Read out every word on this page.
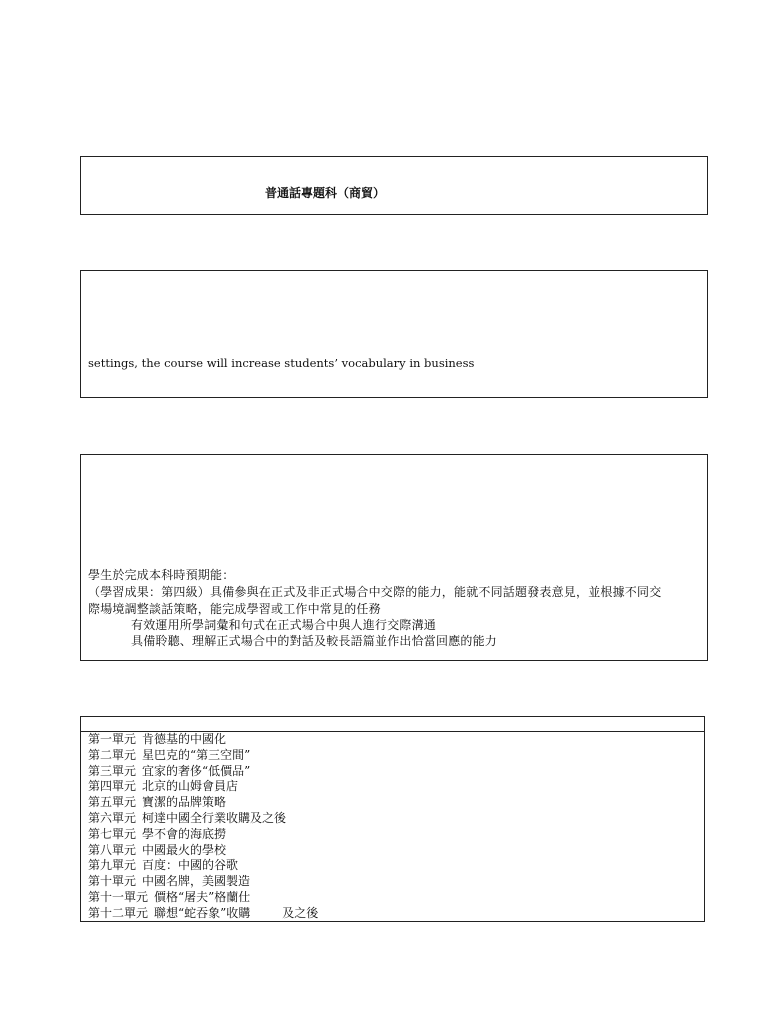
普通話專題科（商貿）
settings, the course will increase students’ vocabulary in business
學生於完成本科時預期能：
（學習成果：第四級）具備參與在正式及非正式場合中交際的能力，能就不同話題發表意見，並根據不同交
際場境調整談話策略，能完成學習或工作中常見的任務
有效運用所學詞彙和句式在正式場合中與人進行交際溝通
具備聆聽、理解正式場合中的對話及較長語篇並作出恰當回應的能力
第一單元 肯德基的中國化
第二單元 星巴克的“第三空間”
第三單元 宜家的奢侈“低價品”
第四單元 北京的山姆會員店
第五單元 寶潔的品牌策略
第六單元 柯達中國全行業收購及之後
第七單元 學不會的海底撈
第八單元 中國最火的學校
第九單元 百度：中國的谷歌
第十單元 中國名牌，美國製造
第十一單元 價格“屠夫”格蘭仕
第十二單元 聯想“蛇吞象”收購	及之後
